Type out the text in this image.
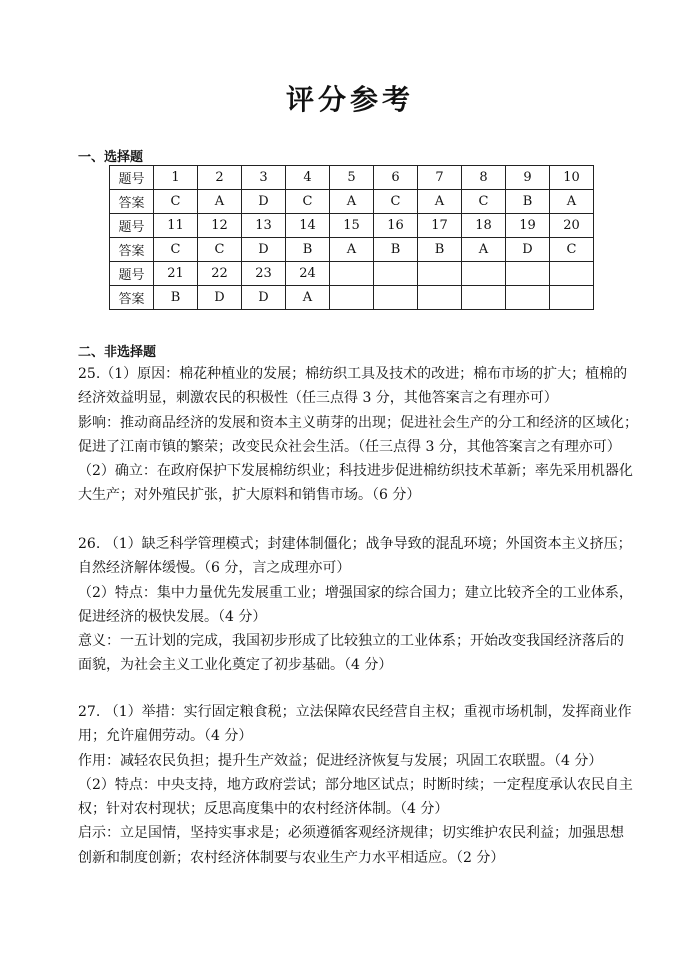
评分参考
一、选择题
题号	1	2	3	4	5	6	7	8	9	10
答案	C	A	D	C	A	C	A	C	B	A
题号	11	12	13	14	15	16	17	18	19	20
答案	C	C	D	B	A	B	B	A	D	C
题号	21	22	23	24						
答案	B	D	D	A						
二、非选择题
25.（1）原因：棉花种植业的发展；棉纺织工具及技术的改进；棉布市场的扩大；植棉的
经济效益明显，刺激农民的积极性（任三点得 3 分，其他答案言之有理亦可）
影响：推动商品经济的发展和资本主义萌芽的出现；促进社会生产的分工和经济的区域化；
促进了江南市镇的繁荣；改变民众社会生活。（任三点得 3 分，其他答案言之有理亦可）
（2）确立：在政府保护下发展棉纺织业；科技进步促进棉纺织技术革新；率先采用机器化
大生产；对外殖民扩张，扩大原料和销售市场。（6 分）
26. （1）缺乏科学管理模式；封建体制僵化；战争导致的混乱环境；外国资本主义挤压；
自然经济解体缓慢。（6 分，言之成理亦可）
（2）特点：集中力量优先发展重工业；增强国家的综合国力；建立比较齐全的工业体系，
促进经济的极快发展。（4 分）
意义：一五计划的完成，我国初步形成了比较独立的工业体系；开始改变我国经济落后的
面貌，为社会主义工业化奠定了初步基础。（4 分）
27. （1）举措：实行固定粮食税；立法保障农民经营自主权；重视市场机制，发挥商业作
用；允许雇佣劳动。（4 分）
作用：减轻农民负担；提升生产效益；促进经济恢复与发展；巩固工农联盟。（4 分）
（2）特点：中央支持，地方政府尝试；部分地区试点；时断时续；一定程度承认农民自主
权；针对农村现状；反思高度集中的农村经济体制。（4 分）
启示：立足国情，坚持实事求是；必须遵循客观经济规律；切实维护农民利益；加强思想
创新和制度创新；农村经济体制要与农业生产力水平相适应。（2 分）
